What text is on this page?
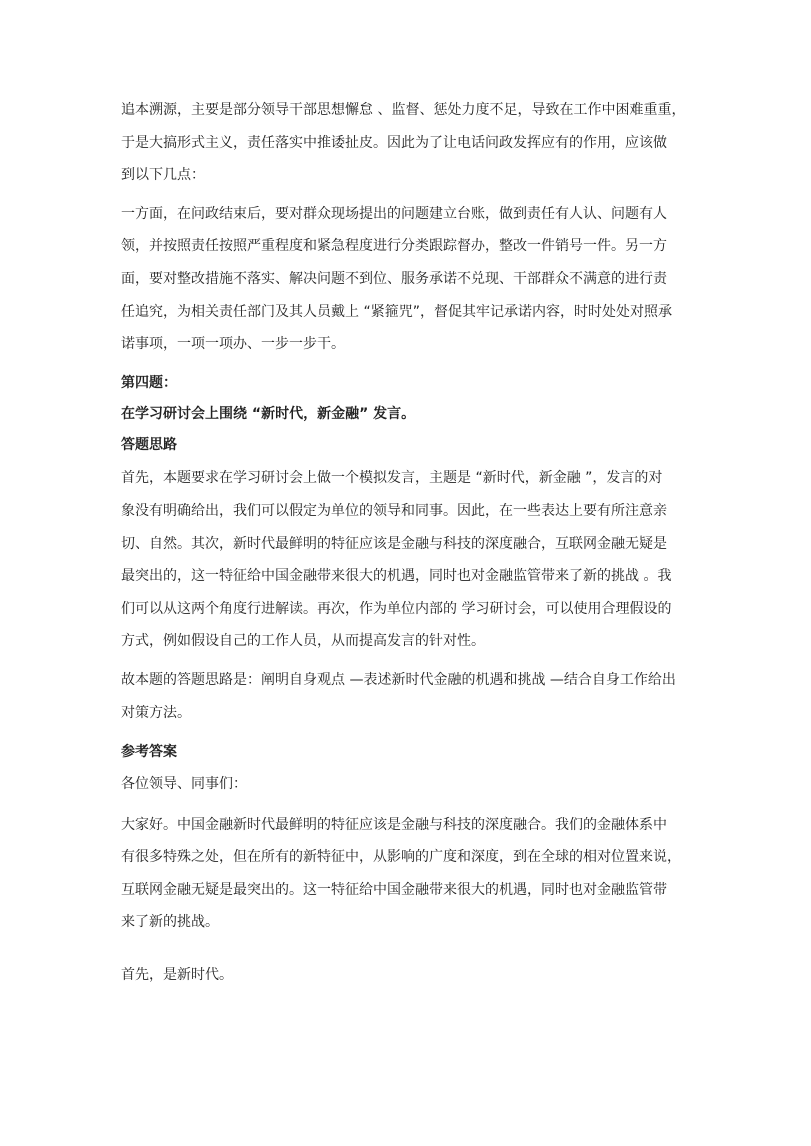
追本溯源，主要是部分领导干部思想懈怠 、监督、惩处力度不足，导致在工作中困难重重，
于是大搞形式主义，责任落实中推诿扯皮。因此为了让电话问政发挥应有的作用，应该做
到以下几点：
一方面，在问政结束后，要对群众现场提出的问题建立台账，做到责任有人认、问题有人
领，并按照责任按照严重程度和紧急程度进行分类跟踪督办，整改一件销号一件。另一方
面，要对整改措施不落实、解决问题不到位、服务承诺不兑现、干部群众不满意的进行责
任追究，为相关责任部门及其人员戴上 “紧箍咒”，督促其牢记承诺内容，时时处处对照承
诺事项，一项一项办、一步一步干。
第四题：
在学习研讨会上围绕 “新时代，新金融” 发言。
答题思路
首先，本题要求在学习研讨会上做一个模拟发言，主题是 “新时代，新金融 ”，发言的对
象没有明确给出，我们可以假定为单位的领导和同事。因此，在一些表达上要有所注意亲
切、自然。其次，新时代最鲜明的特征应该是金融与科技的深度融合，互联网金融无疑是
最突出的，这一特征给中国金融带来很大的机遇，同时也对金融监管带来了新的挑战 。我
们可以从这两个角度行进解读。再次，作为单位内部的 学习研讨会，可以使用合理假设的
方式，例如假设自己的工作人员，从而提高发言的针对性。
故本题的答题思路是：阐明自身观点 —表述新时代金融的机遇和挑战 —结合自身工作给出
对策方法。
参考答案
各位领导、同事们：
大家好。中国金融新时代最鲜明的特征应该是金融与科技的深度融合。我们的金融体系中
有很多特殊之处，但在所有的新特征中，从影响的广度和深度，到在全球的相对位置来说，
互联网金融无疑是最突出的。这一特征给中国金融带来很大的机遇，同时也对金融监管带
来了新的挑战。
首先，是新时代。
